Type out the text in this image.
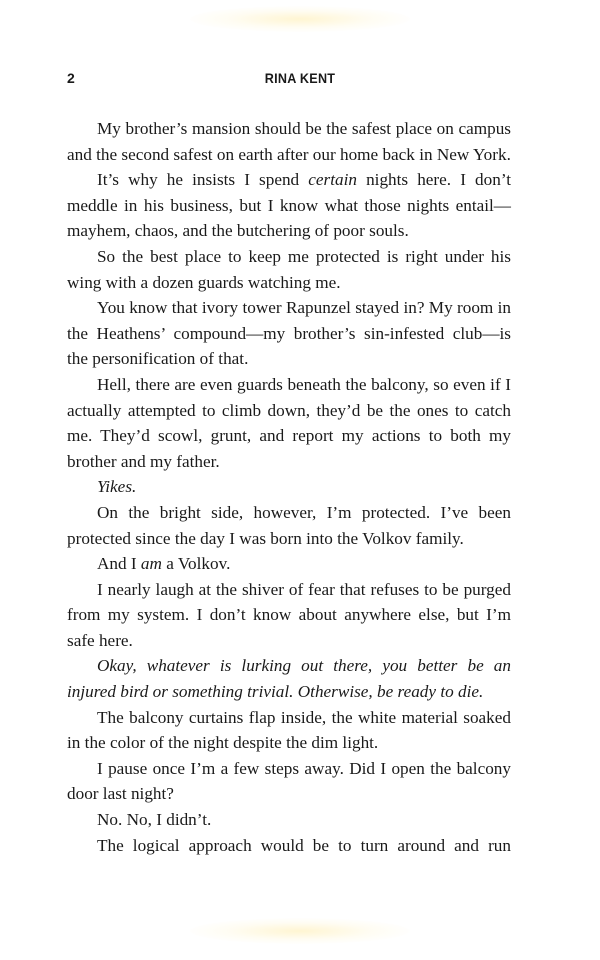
2	RINA KENT

My brother’s mansion should be the safest place on campus and the second safest on earth after our home back in New York.

It’s why he insists I spend certain nights here. I don’t meddle in his business, but I know what those nights entail—mayhem, chaos, and the butchering of poor souls.

So the best place to keep me protected is right under his wing with a dozen guards watching me.

You know that ivory tower Rapunzel stayed in? My room in the Heathens’ compound—my brother’s sin-infested club—is the personification of that.

Hell, there are even guards beneath the balcony, so even if I actually attempted to climb down, they’d be the ones to catch me. They’d scowl, grunt, and report my actions to both my brother and my father.

Yikes.

On the bright side, however, I’m protected. I’ve been protected since the day I was born into the Volkov family.

And I am a Volkov.

I nearly laugh at the shiver of fear that refuses to be purged from my system. I don’t know about anywhere else, but I’m safe here.

Okay, whatever is lurking out there, you better be an injured bird or something trivial. Otherwise, be ready to die.

The balcony curtains flap inside, the white material soaked in the color of the night despite the dim light.

I pause once I’m a few steps away. Did I open the balcony door last night?

No. No, I didn’t.

The logical approach would be to turn around and run
